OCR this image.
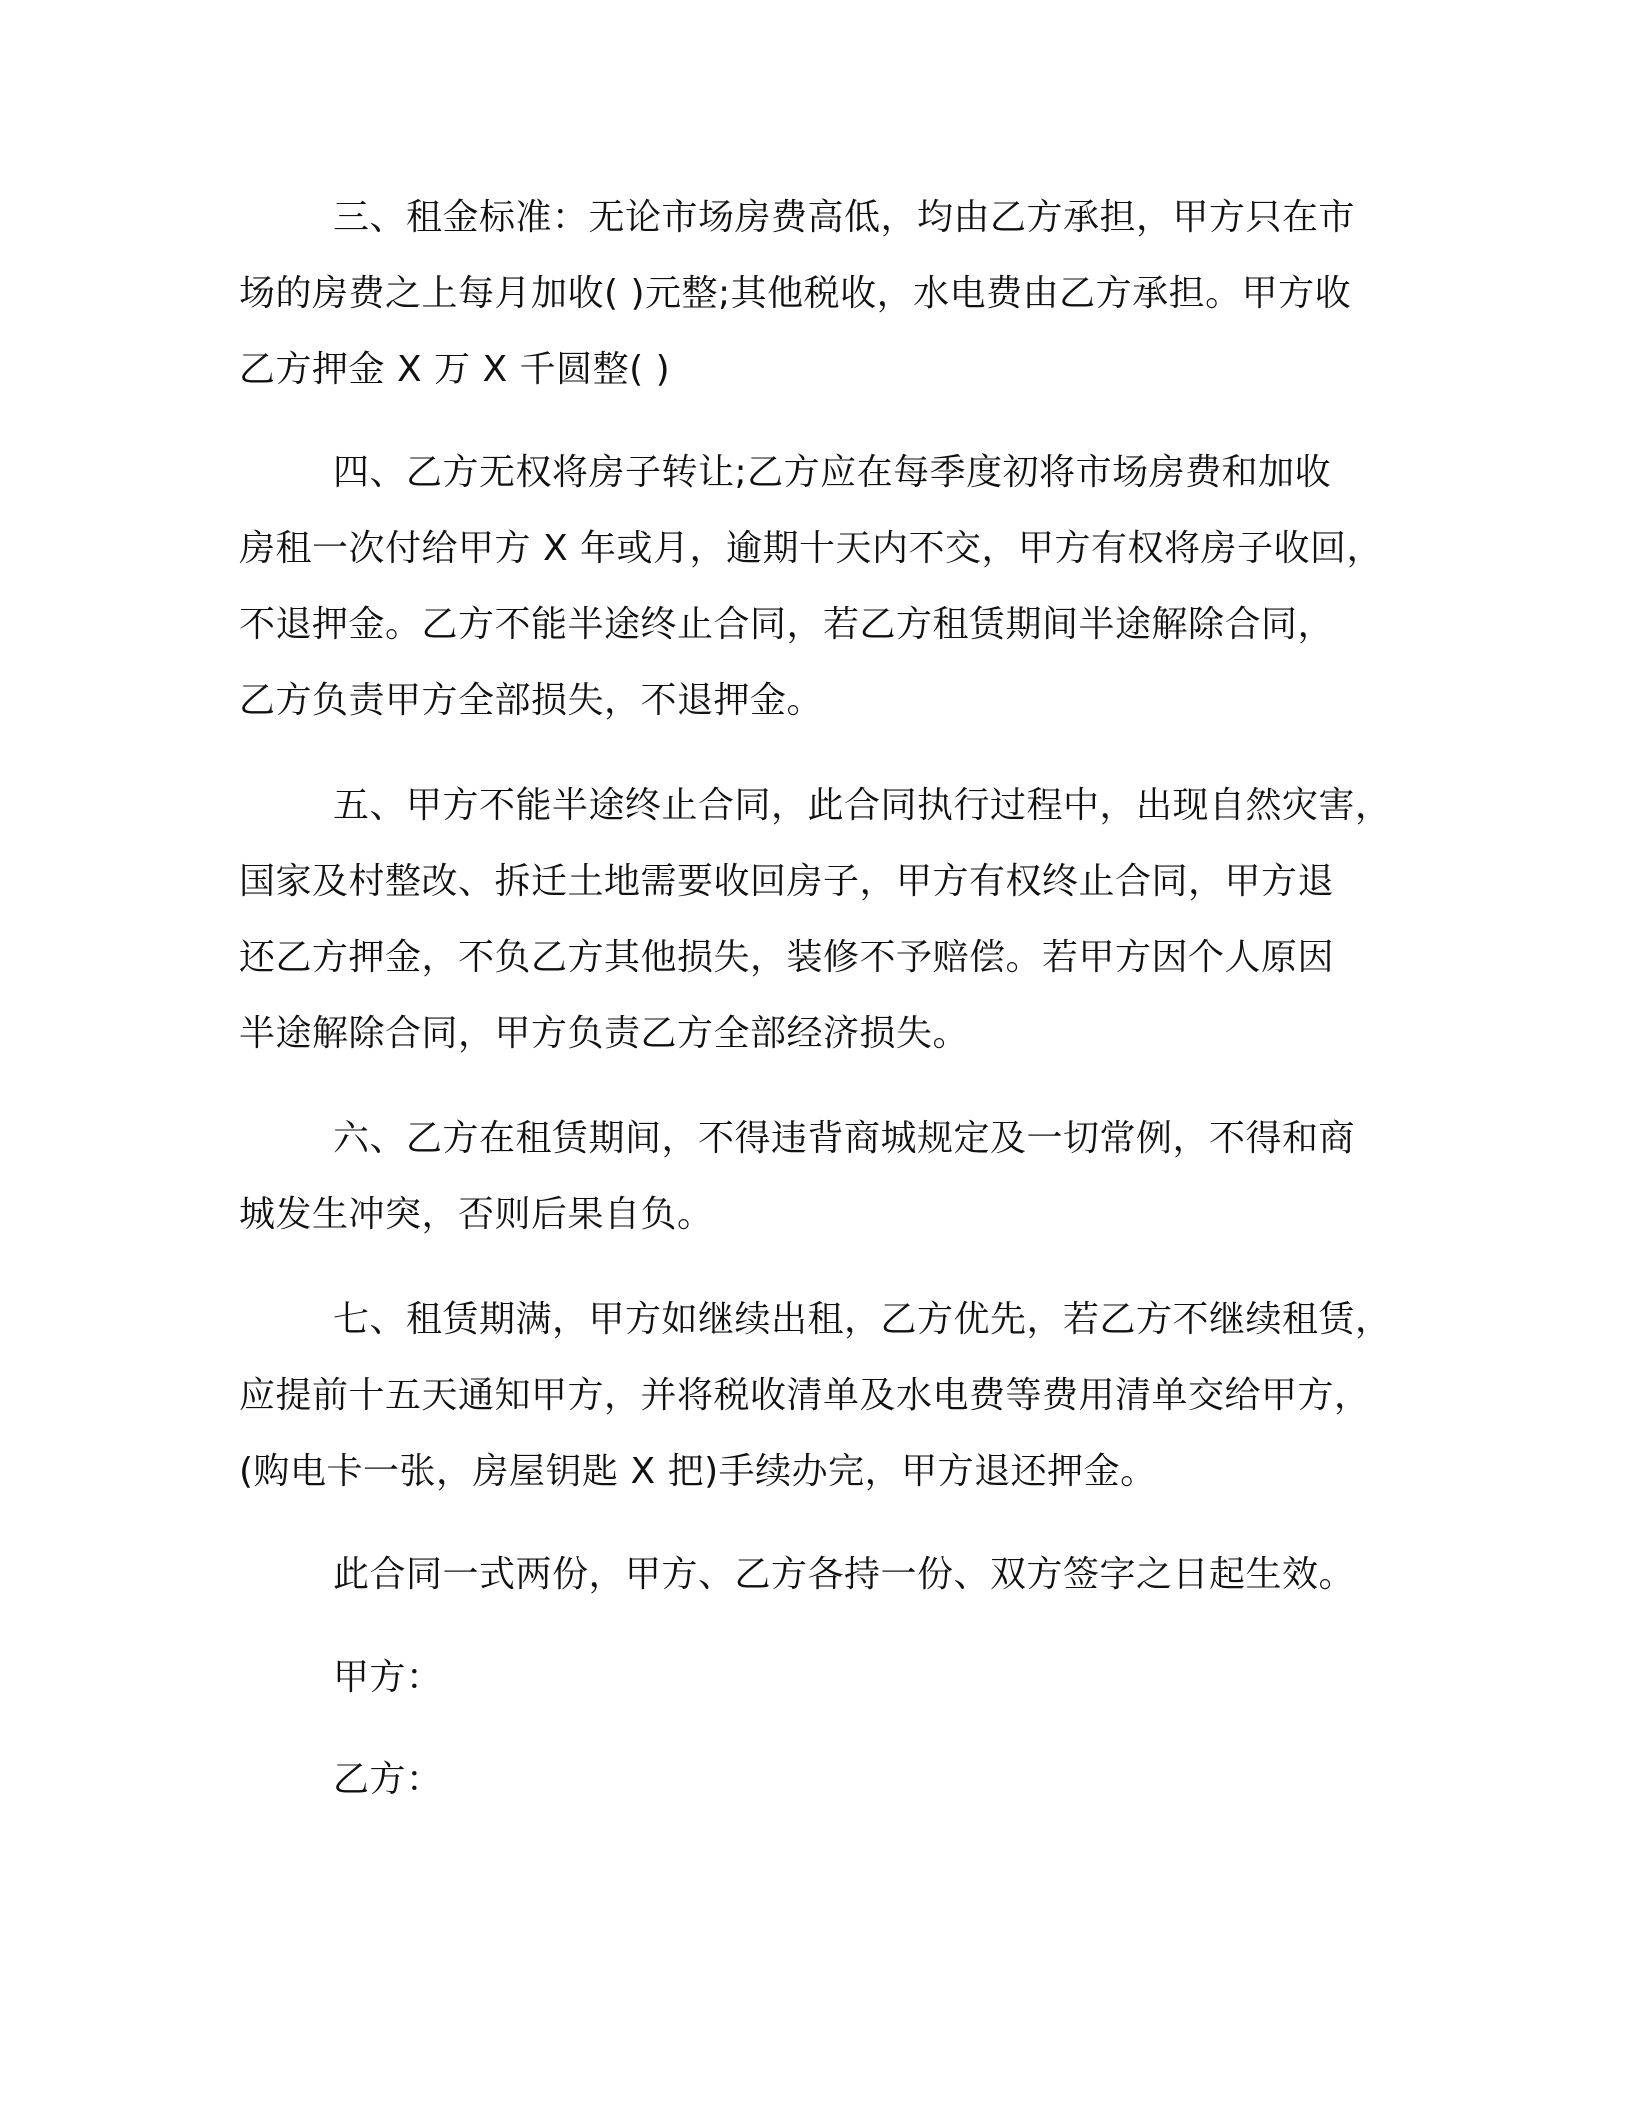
三、租金标准：无论市场房费高低，均由乙方承担，甲方只在市

场的房费之上每月加收( )元整;其他税收，水电费由乙方承担。甲方收

乙方押金 X 万 X 千圆整( )

四、乙方无权将房子转让;乙方应在每季度初将市场房费和加收

房租一次付给甲方 X 年或月，逾期十天内不交，甲方有权将房子收回，

不退押金。乙方不能半途终止合同，若乙方租赁期间半途解除合同，

乙方负责甲方全部损失，不退押金。

五、甲方不能半途终止合同，此合同执行过程中，出现自然灾害，

国家及村整改、拆迁土地需要收回房子，甲方有权终止合同，甲方退

还乙方押金，不负乙方其他损失，装修不予赔偿。若甲方因个人原因

半途解除合同，甲方负责乙方全部经济损失。

六、乙方在租赁期间，不得违背商城规定及一切常例，不得和商

城发生冲突，否则后果自负。

七、租赁期满，甲方如继续出租，乙方优先，若乙方不继续租赁，

应提前十五天通知甲方，并将税收清单及水电费等费用清单交给甲方，

(购电卡一张，房屋钥匙 X 把)手续办完，甲方退还押金。

此合同一式两份，甲方、乙方各持一份、双方签字之日起生效。

甲方：

乙方：
